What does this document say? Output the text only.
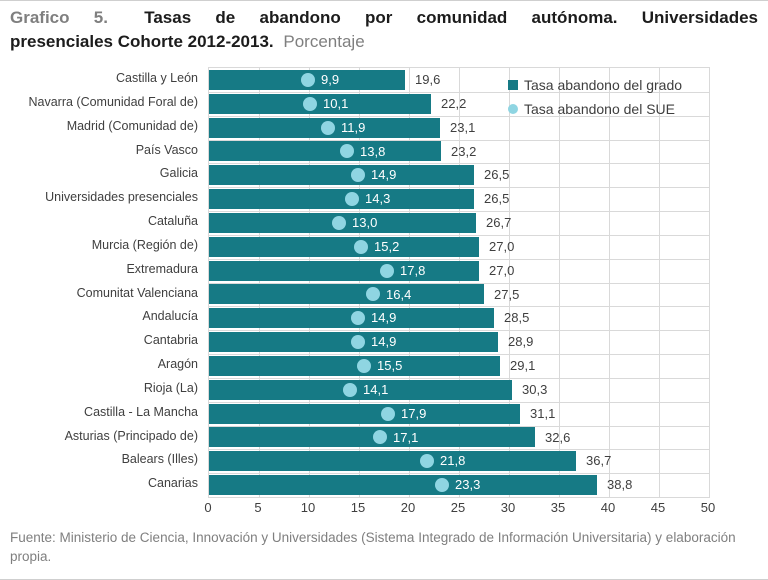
Grafico 5. Tasas de abandono por comunidad autónoma. Universidades
presenciales Cohorte 2012-2013. Porcentaje
Castilla y León
Navarra (Comunidad Foral de)
Madrid (Comunidad de)
País Vasco
Galicia
Universidades presenciales
Cataluña
Murcia (Región de)
Extremadura
Comunitat Valenciana
Andalucía
Cantabria
Aragón
Rioja (La)
Castilla - La Mancha
Asturias (Principado de)
Balears (Illes)
Canarias
19,6
9,9
22,2
10,1
23,1
11,9
23,2
13,8
26,5
14,9
26,5
14,3
26,7
13,0
27,0
15,2
27,0
17,8
27,5
16,4
28,5
14,9
28,9
14,9
29,1
15,5
30,3
14,1
31,1
17,9
32,6
17,1
36,7
21,8
38,8
23,3
Tasa abandono del grado
Tasa abandono del SUE
0	5	10	15	20	25	30	35	40	45	50
Fuente: Ministerio de Ciencia, Innovación y Universidades (Sistema Integrado de Información Universitaria) y elaboración propia.
